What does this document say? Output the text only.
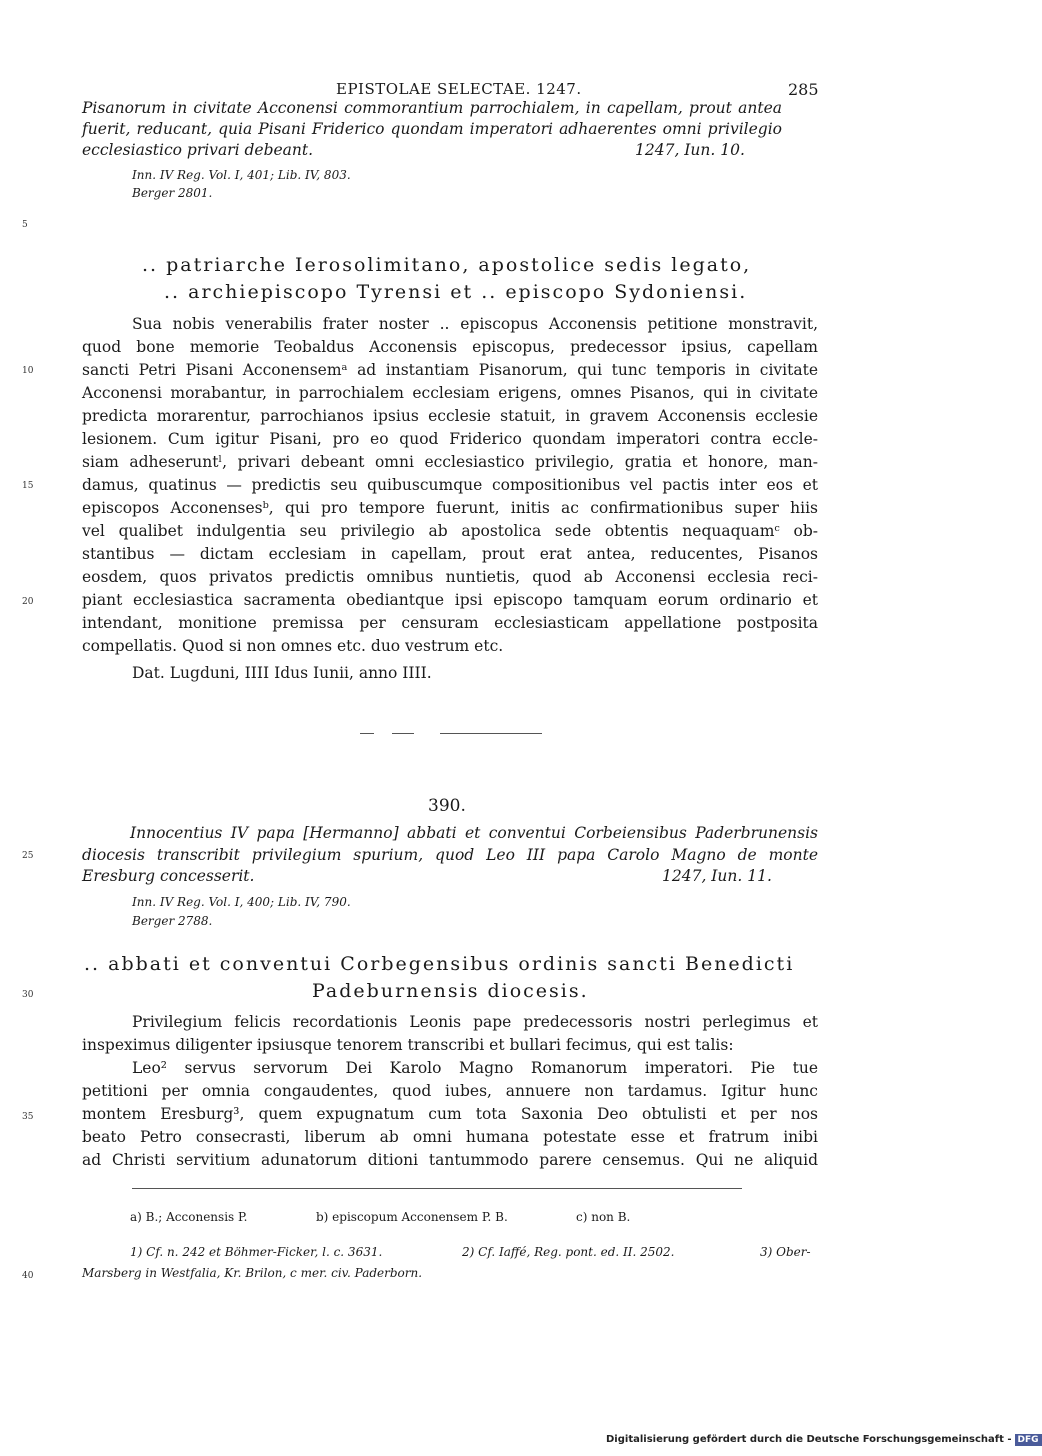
EPISTOLAE SELECTAE. 1247.	285
Pisanorum in civitate Acconensi commorantium parrochialem, in capellam, prout antea
fuerit, reducant, quia Pisani Friderico quondam imperatori adhaerentes omni privilegio
ecclesiastico privari debeant.	1247, Iun. 10.
Inn. IV Reg. Vol. I, 401; Lib. IV, 803.
Berger 2801.
.. patriarche Ierosolimitano, apostolice sedis legato,
.. archiepiscopo Tyrensi et .. episcopo Sydoniensi.
Sua nobis venerabilis frater noster .. episcopus Acconensis petitione monstravit,
quod bone memorie Teobaldus Acconensis episcopus, predecessor ipsius, capellam
sancti Petri Pisani Acconensemᵃ ad instantiam Pisanorum, qui tunc temporis in civitate
Acconensi morabantur, in parrochialem ecclesiam erigens, omnes Pisanos, qui in civitate
predicta morarentur, parrochianos ipsius ecclesie statuit, in gravem Acconensis ecclesie
lesionem. Cum igitur Pisani, pro eo quod Friderico quondam imperatori contra eccle-
siam adheseruntˡ, privari debeant omni ecclesiastico privilegio, gratia et honore, man-
damus, quatinus — predictis seu quibuscumque compositionibus vel pactis inter eos et
episcopos Acconensesᵇ, qui pro tempore fuerunt, initis ac confirmationibus super hiis
vel qualibet indulgentia seu privilegio ab apostolica sede obtentis nequaquamᶜ ob-
stantibus — dictam ecclesiam in capellam, prout erat antea, reducentes, Pisanos
eosdem, quos privatos predictis omnibus nuntietis, quod ab Acconensi ecclesia reci-
piant ecclesiastica sacramenta obediantque ipsi episcopo tamquam eorum ordinario et
intendant, monitione premissa per censuram ecclesiasticam appellatione postposita
compellatis. Quod si non omnes etc. duo vestrum etc.
Dat. Lugduni, IIII Idus Iunii, anno IIII.
390.
Innocentius IV papa [Hermanno] abbati et conventui Corbeiensibus Paderbrunensis
diocesis transcribit privilegium spurium, quod Leo III papa Carolo Magno de monte
Eresburg concesserit.	1247, Iun. 11.
Inn. IV Reg. Vol. I, 400; Lib. IV, 790.
Berger 2788.
.. abbati et conventui Corbegensibus ordinis sancti Benedicti
Padeburnensis diocesis.
Privilegium felicis recordationis Leonis pape predecessoris nostri perlegimus et
inspeximus diligenter ipsiusque tenorem transcribi et bullari fecimus, qui est talis:
Leo² servus servorum Dei Karolo Magno Romanorum imperatori. Pie tue
petitioni per omnia congaudentes, quod iubes, annuere non tardamus. Igitur hunc
montem Eresburg³, quem expugnatum cum tota Saxonia Deo obtulisti et per nos
beato Petro consecrasti, liberum ab omni humana potestate esse et fratrum inibi
ad Christi servitium adunatorum ditioni tantummodo parere censemus. Qui ne aliquid
a) B.; Acconensis P.	b) episcopum Acconensem P. B.	c) non B.
1) Cf. n. 242 et Böhmer-Ficker, l. c. 3631.	2) Cf. Iaffé, Reg. pont. ed. II. 2502.	3) Ober-
Marsberg in Westfalia, Kr. Brilon, c mer. civ. Paderborn.
5
10
15
20
25
30
35
40
Digitalisierung gefördert durch die Deutsche Forschungsgemeinschaft - DFG
